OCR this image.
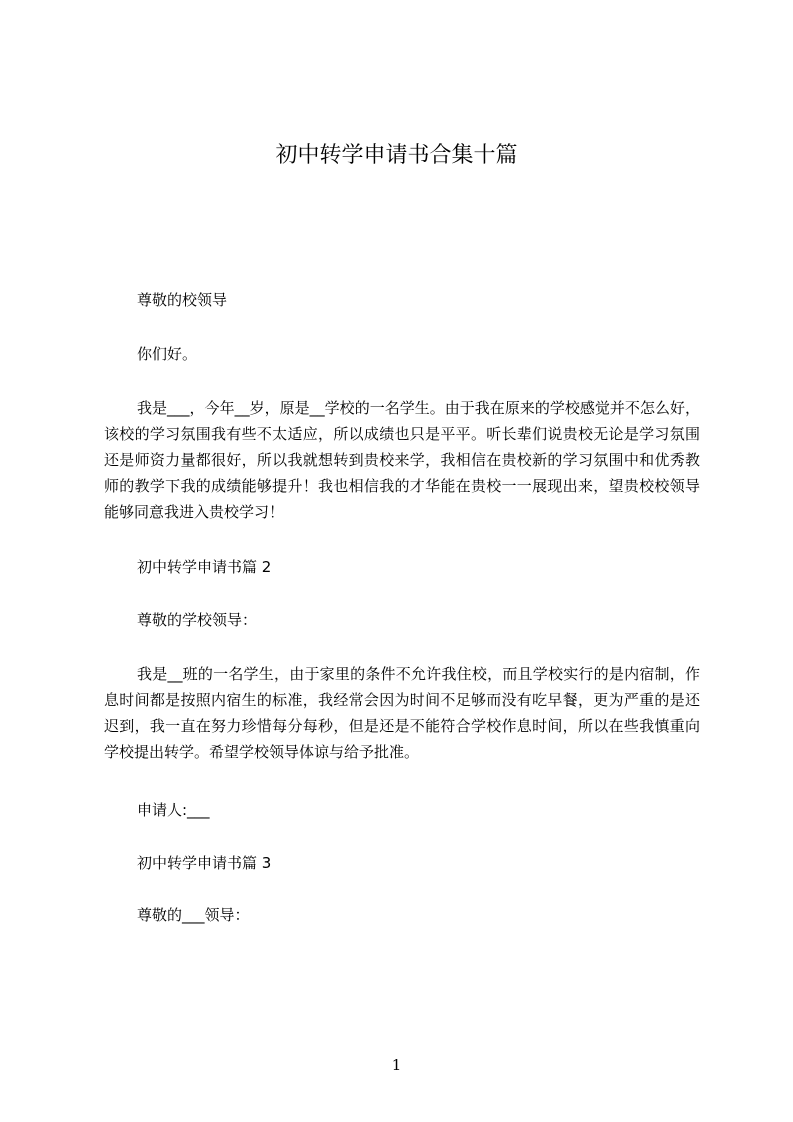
初中转学申请书合集十篇
尊敬的校领导
你们好。

我是___，今年__岁，原是__学校的一名学生。由于我在原来的学校感觉并不怎么好，该校的学习氛围我有些不太适应，所以成绩也只是平平。听长辈们说贵校无论是学习氛围还是师资力量都很好，所以我就想转到贵校来学，我相信在贵校新的学习氛围中和优秀教师的教学下我的成绩能够提升！我也相信我的才华能在贵校一一展现出来，望贵校校领导能够同意我进入贵校学习！

初中转学申请书篇 2
尊敬的学校领导：

我是__班的一名学生，由于家里的条件不允许我住校，而且学校实行的是内宿制，作息时间都是按照内宿生的标准，我经常会因为时间不足够而没有吃早餐，更为严重的是还迟到，我一直在努力珍惜每分每秒，但是还是不能符合学校作息时间，所以在些我慎重向学校提出转学。希望学校领导体谅与给予批准。

申请人:___
初中转学申请书篇 3
尊敬的___领导：
1
